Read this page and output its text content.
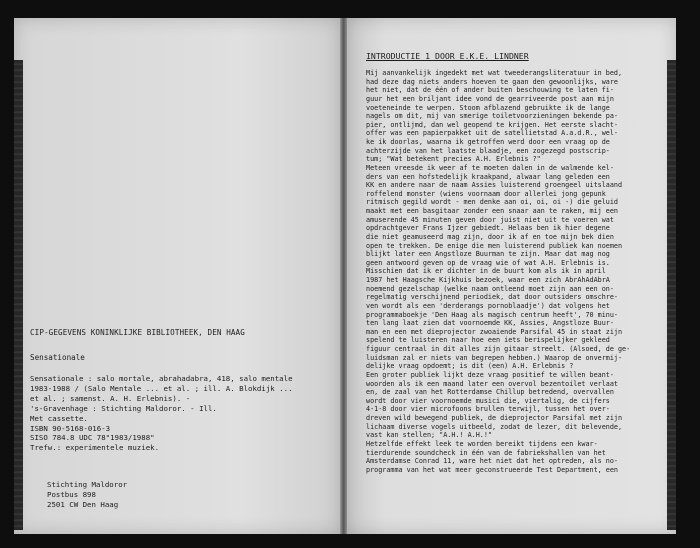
CIP-GEGEVENS KONINKLIJKE BIBLIOTHEEK, DEN HAAG
Sensationale
Sensationale : salo mortale, abrahadabra, 418, salo mentale
1983-1988 / (Salo Mentale ... et al. ; ill. A. Blokdijk ...
et al. ; samenst. A. H. Erlebnis). -
's-Gravenhage : Stichting Maldoror. - Ill.
Met cassette.
ISBN 90-5168-016-3
SISO 784.8 UDC 78"1983/1988"
Trefw.: experimentele muziek.
Stichting Maldoror
Postbus 898
2501 CW Den Haag
INTRODUCTIE 1 DOOR E.K.E. LINDNER
Mij aanvankelijk ingedekt met wat tweederangsliteratuur in bed,
had deze dag niets anders hoeven te gaan den gewoonlijks, ware
het niet, dat de één of ander buiten beschouwing te laten fi-
guur het een briljant idee vond de gearriveerde post aan mijn
voeteneinde te werpen. Stoom afblazend gebruikte ik de lange
nagels om dit, mij van smerige toiletvoorzieningen bekende pa-
pier, ontlijmd, dan wel geopend te krijgen. Het eerste slacht-
offer was een papierpakket uit de satellietstad A.a.d.R., wel-
ke ik doorlas, waarna ik getroffen werd door een vraag op de
achterzijde van het laatste blaadje, een zogezegd postscrip-
tum; "Wat betekent precies A.H. Erlebnis ?"
Meteen vreesde ik weer af te moeten dalen in de walmende kel-
ders van een hofstedelijk kraakpand, alwaar lang geleden een
KK en andere naar de naam Assies luisterend groengeel uitslaand
roffelend monster (wiens voornaam door allerlei jong gepunk
ritmisch gegild wordt - men denke aan oi, oi, oi -) die geluid
maakt met een basgitaar zonder een snaar aan te raken, mij een
amuserende 45 minuten geven door juist niet uit te voeren wat
opdrachtgever Frans Ijzer gebiedt. Helaas ben ik hier degene
die niet geamuseerd mag zijn, door ik af en toe mijn bek dien
open te trekken. De enige die men luisterend publiek kan noemen
blijkt later een Angstloze Buurman te zijn. Maar dat mag nog
geen antwoord geven op de vraag wie of wat A.H. Erlebnis is.
Misschien dat ik er dichter in de buurt kom als ik in april
1987 het Haagsche Kijkhuis bezoek, waar een zich AbrAhAdAbrA
noemend gezelschap (welke naam ontleend moet zijn aan een on-
regelmatig verschijnend periodiek, dat door outsiders omschre-
ven wordt als een 'derderangs pornoblaadje') dat volgens het
programmaboekje 'Den Haag als magisch centrum heeft', 70 minu-
ten lang laat zien dat voornoemde KK, Assies, Angstloze Buur-
man en een met dieprojector zwoaiende Parsifal 45 in staat zijn
spelend te luisteren naar hoe een iets berispelijker gekleed
figuur centraal in dit alles zijn gitaar streelt. (Alsoed, de ge-
luidsman zal er niets van begrepen hebben.) Waarop de onvermij-
delijke vraag opdoemt; is dit (een) A.H. Erlebnis ?
Een groter publiek lijkt deze vraag positief te willen beant-
woorden als ik een maand later een overvol bezentoilet verlaat
en, de zaal van het Rotterdamse Chillup betredend, overvallen
wordt door vier voornoemde musici die, viertalig, de cijfers
4-1-8 door vier microfoons brullen terwijl, tussen het over-
dreven wild bewegend publiek, de dieprojector Parsifal met zijn
lichaam diverse vogels uitbeeld, zodat de lezer, dit belevende,
vast kan stellen; "A.H.! A.H.!"
Hetzelfde effekt leek te worden bereikt tijdens een kwar-
tierdurende soundcheck in één van de fabriekshallen van het
Amsterdamse Conrad 11, ware het niet dat het optreden, als no-
programma van het wat meer geconstrueerde Test Department, een
